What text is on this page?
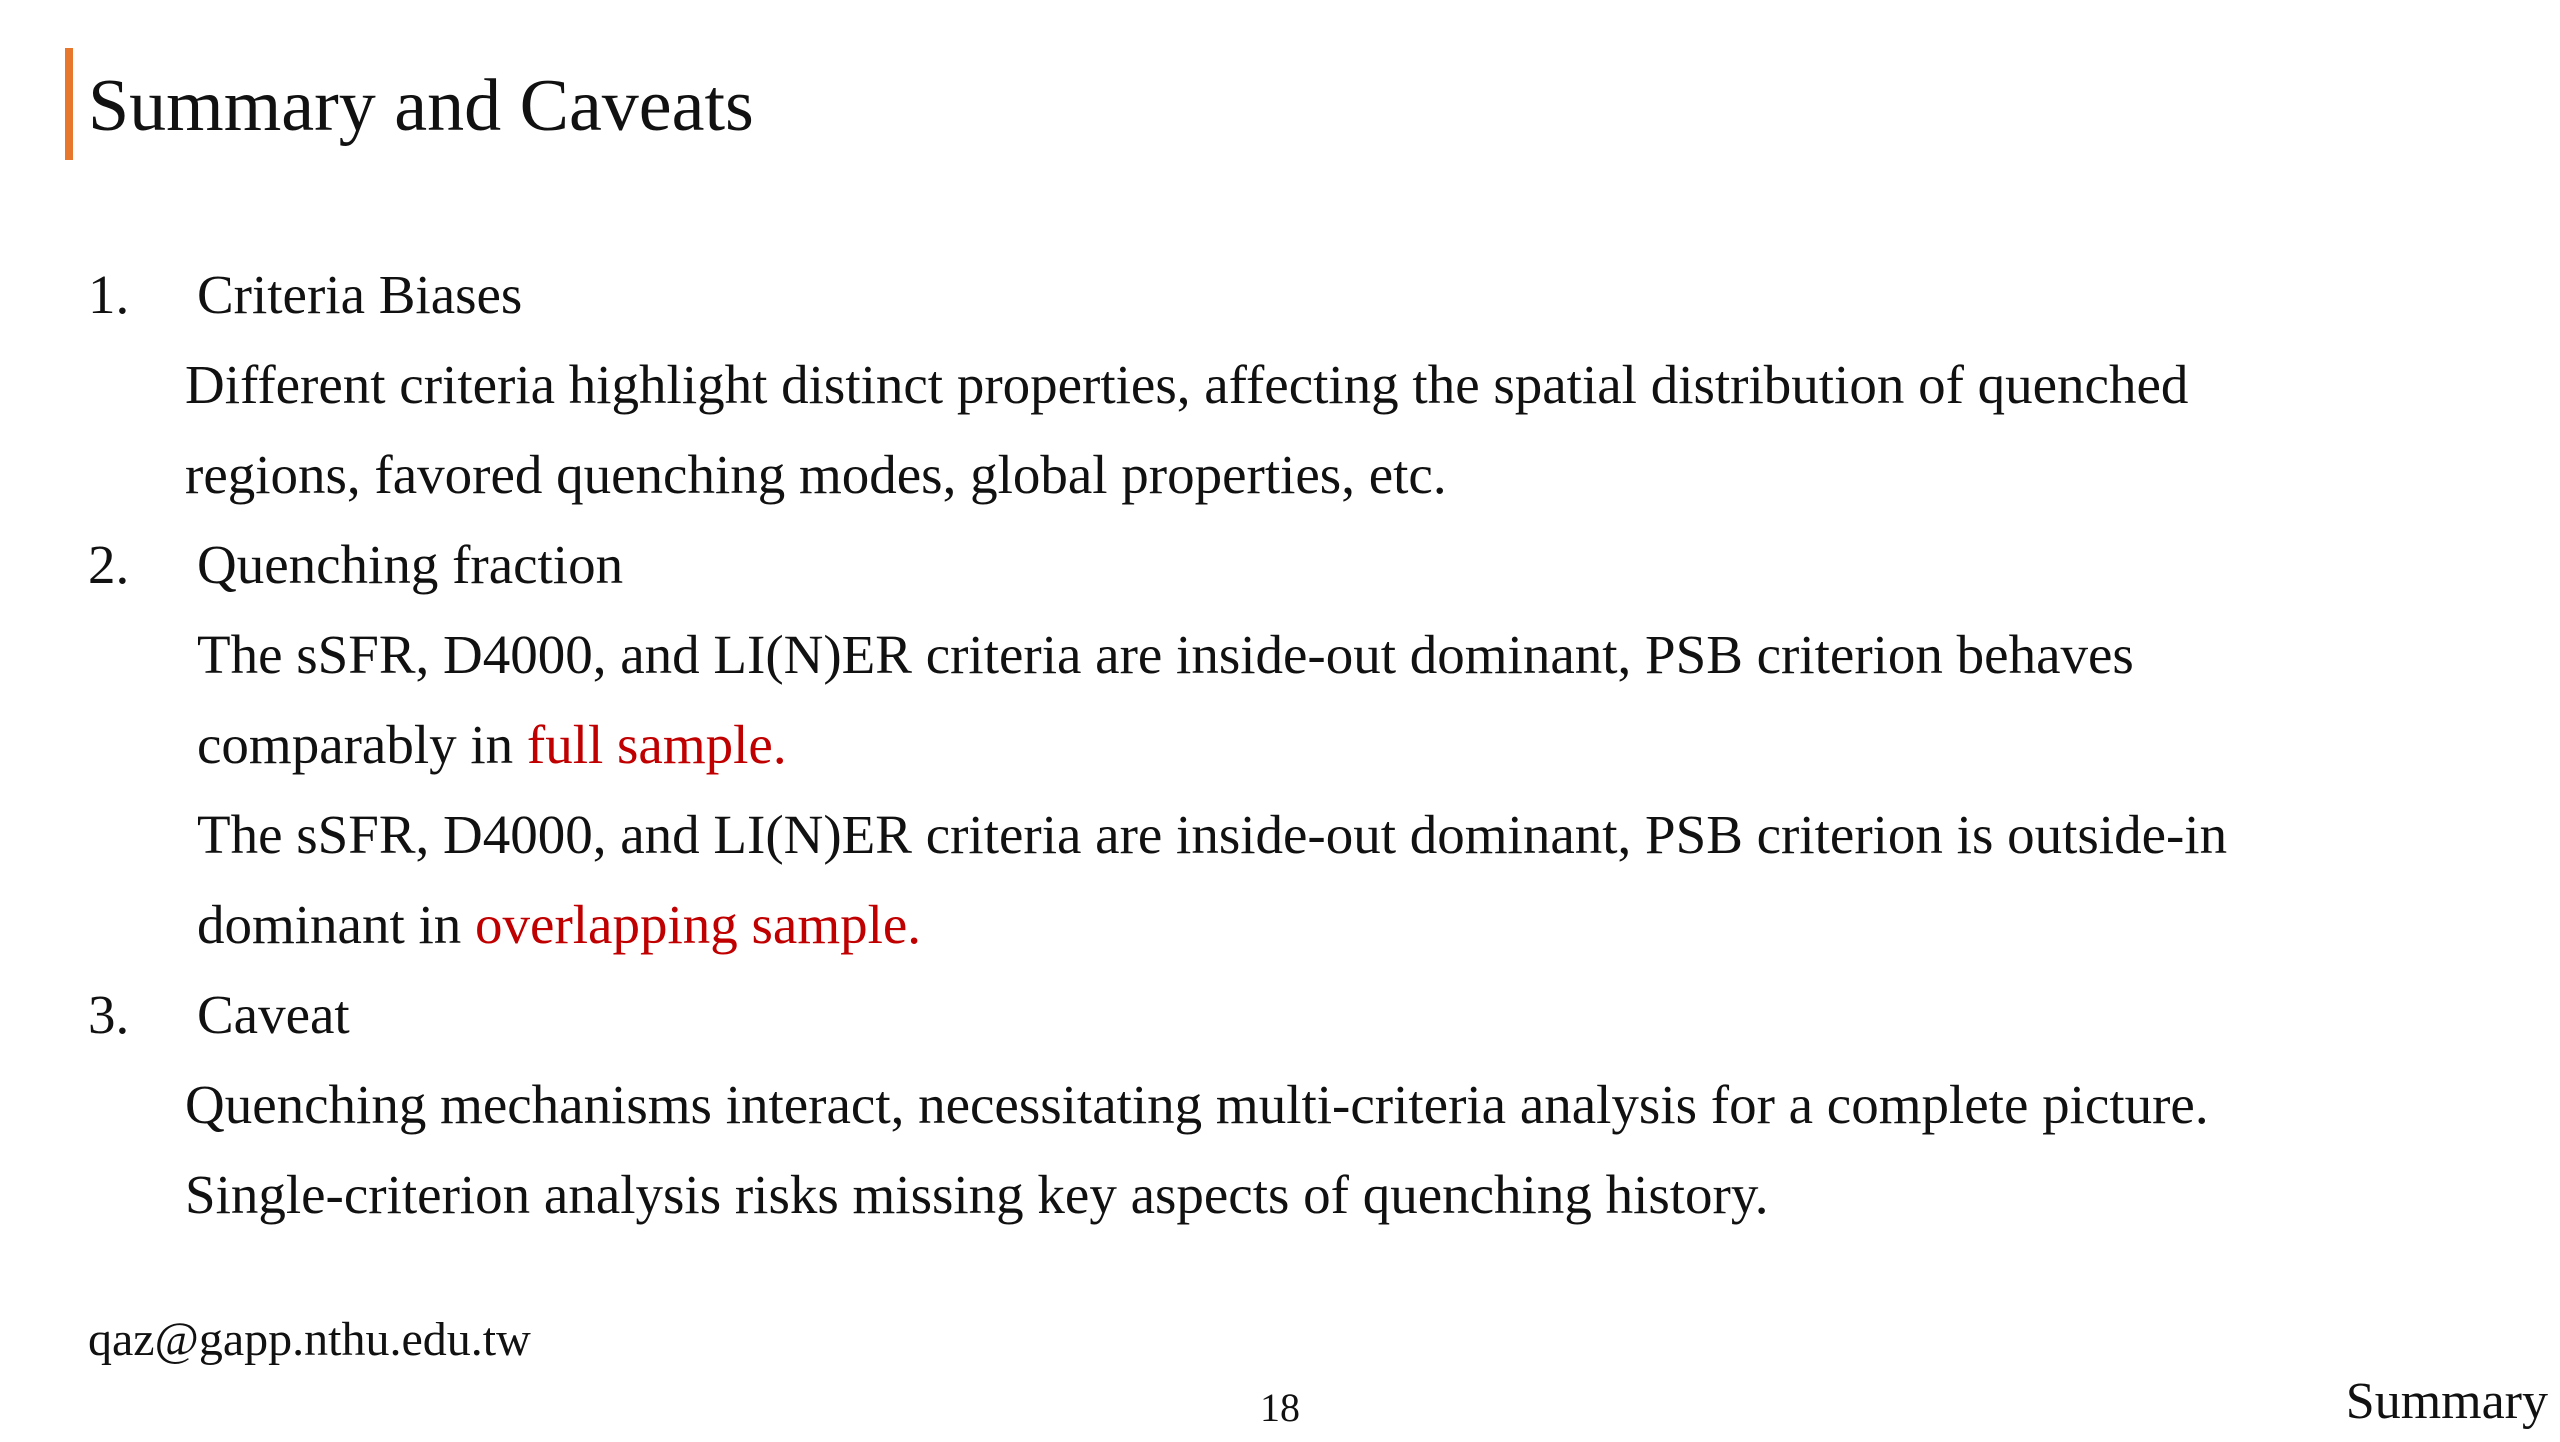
Summary and Caveats
1. Criteria Biases
Different criteria highlight distinct properties, affecting the spatial distribution of quenched
regions, favored quenching modes, global properties, etc.
2. Quenching fraction
The sSFR, D4000, and LI(N)ER criteria are inside-out dominant, PSB criterion behaves
comparably in full sample.
The sSFR, D4000, and LI(N)ER criteria are inside-out dominant, PSB criterion is outside-in
dominant in overlapping sample.
3. Caveat
Quenching mechanisms interact, necessitating multi-criteria analysis for a complete picture.
Single-criterion analysis risks missing key aspects of quenching history.
qaz@gapp.nthu.edu.tw
18	Summary
